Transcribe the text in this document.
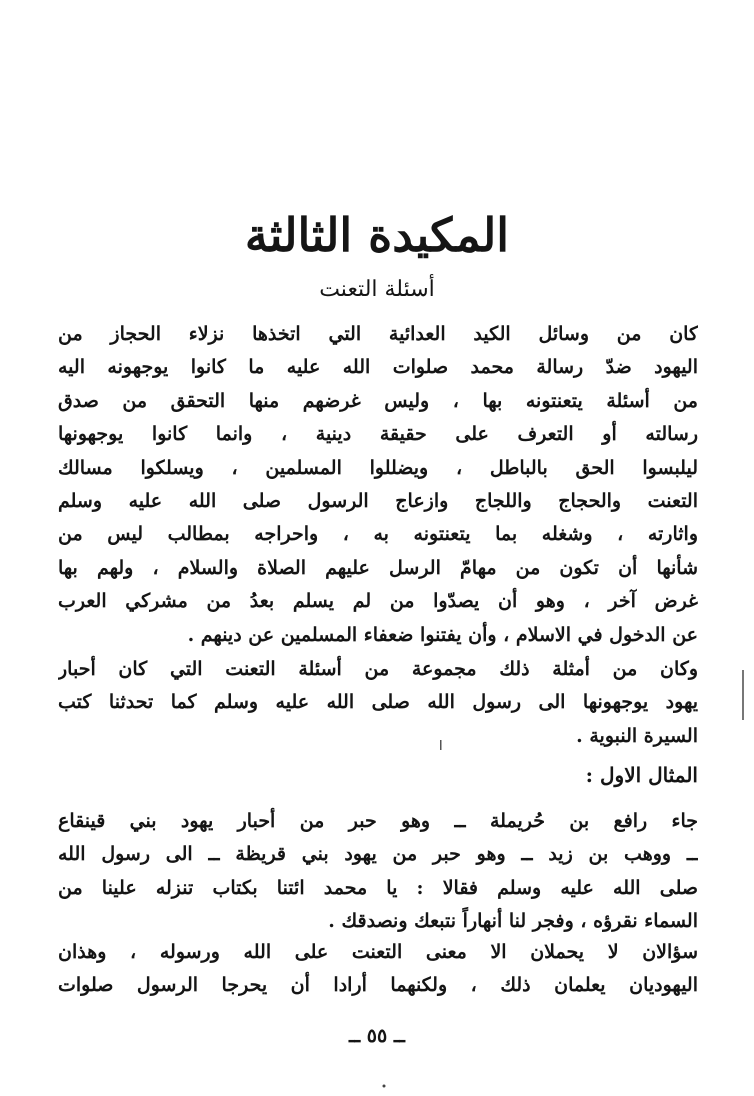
المكيدة الثالثة
أسئلة التعنت
كان من وسائل الكيد العدائية التي اتخذها نزلاء الحجاز من
اليهود ضدّ رسالة محمد صلوات الله عليه ما كانوا يوجهونه اليه
من أسئلة يتعنتونه بها ، وليس غرضهم منها التحقق من صدق
رسالته أو التعرف على حقيقة دينية ، وانما كانوا يوجهونها
ليلبسوا الحق بالباطل ، ويضللوا المسلمين ، ويسلكوا مسالك
التعنت والحجاج واللجاج وازعاج الرسول صلى الله عليه وسلم
واثارته ، وشغله بما يتعنتونه به ، واحراجه بمطالب ليس من
شأنها أن تكون من مهامّ الرسل عليهم الصلاة والسلام ، ولهم بها
غرض آخر ، وهو أن يصدّوا من لم يسلم بعدُ من مشركي العرب
عن الدخول في الاسلام ، وأن يفتنوا ضعفاء المسلمين عن دينهم .
وكان من أمثلة ذلك مجموعة من أسئلة التعنت التي كان أحبار
يهود يوجهونها الى رسول الله صلى الله عليه وسلم كما تحدثنا كتب
السيرة النبوية .
المثال الاول :
جاء رافع بن حُريملة ــ وهو حبر من أحبار يهود بني قينقاع
ــ ووهب بن زيد ــ وهو حبر من يهود بني قريظة ــ الى رسول الله
صلى الله عليه وسلم فقالا : يا محمد ائتنا بكتاب تنزله علينا من
السماء نقرؤه ، وفجر لنا أنهاراً نتبعك ونصدقك .
سؤالان لا يحملان الا معنى التعنت على الله ورسوله ، وهذان
اليهوديان يعلمان ذلك ، ولكنهما أرادا أن يحرجا الرسول صلوات
ــ ٥٥ ــ
